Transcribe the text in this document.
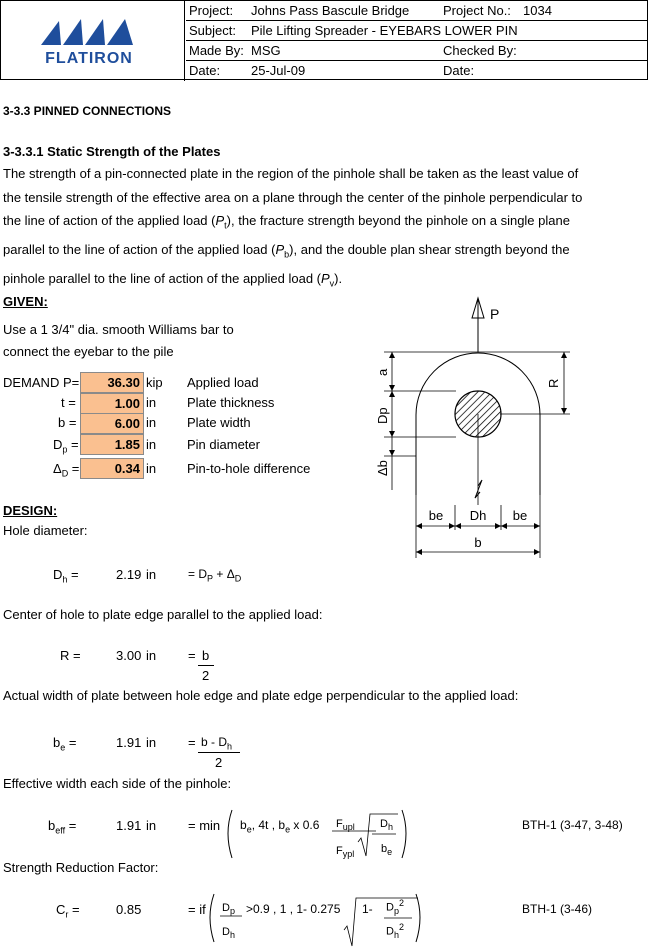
FLATIRON
Project: Johns Pass Bascule Bridge	Project No.: 1034
Subject: Pile Lifting Spreader - EYEBARS LOWER PIN
Made By: MSG	Checked By:
Date: 25-Jul-09	Date:
3-3.3 PINNED CONNECTIONS
3-3.3.1 Static Strength of the Plates
The strength of a pin-connected plate in the region of the pinhole shall be taken as the least value of
the tensile strength of the effective area on a plane through the center of the pinhole perpendicular to
the line of action of the applied load $(P_t)$, the fracture strength beyond the pinhole on a single plane
parallel to the line of action of the applied load $(P_b)$, and the double plan shear strength beyond the
pinhole parallel to the line of action of the applied load $(P_v)$.
GIVEN:
Use a 1 3/4" dia. smooth Williams bar to
connect the eyebar to the pile
DEMAND P=	36.30 kip Applied load
t =	1.00 in Plate thickness
b =	6.00 in Plate width
$D_p$ =	1.85 in Pin diameter
$\Delta_D$ =	0.34 in Pin-to-hole difference
P
a
Dp
Δb
R
be Dh be
b
DESIGN:
Hole diameter:
$D_h$ =	2.19 in	= $D_P + \Delta_D$
Center of hole to plate edge parallel to the applied load:
R =	3.00 in = b
2
Actual width of plate between hole edge and plate edge perpendicular to the applied load:
$b_e$ =	1.91 in = b - $D_h$
2
Effective width each side of the pinhole:
$b_{eff}$ =	1.91 in = $\min b_e$, 4t , $b_e$ x 0.6 $F_{upl}$
$F_{ypl}$
$D_h$
$b_e$
BTH-1 (3-47, 3-48)
Strength Reduction Factor:
$C_r$ =	0.85	= if $D_p$
$D_h$
>0.9 , 1 , 1- 0.275 1- $D_p^2$
$D_h^2$
BTH-1 (3-46)
